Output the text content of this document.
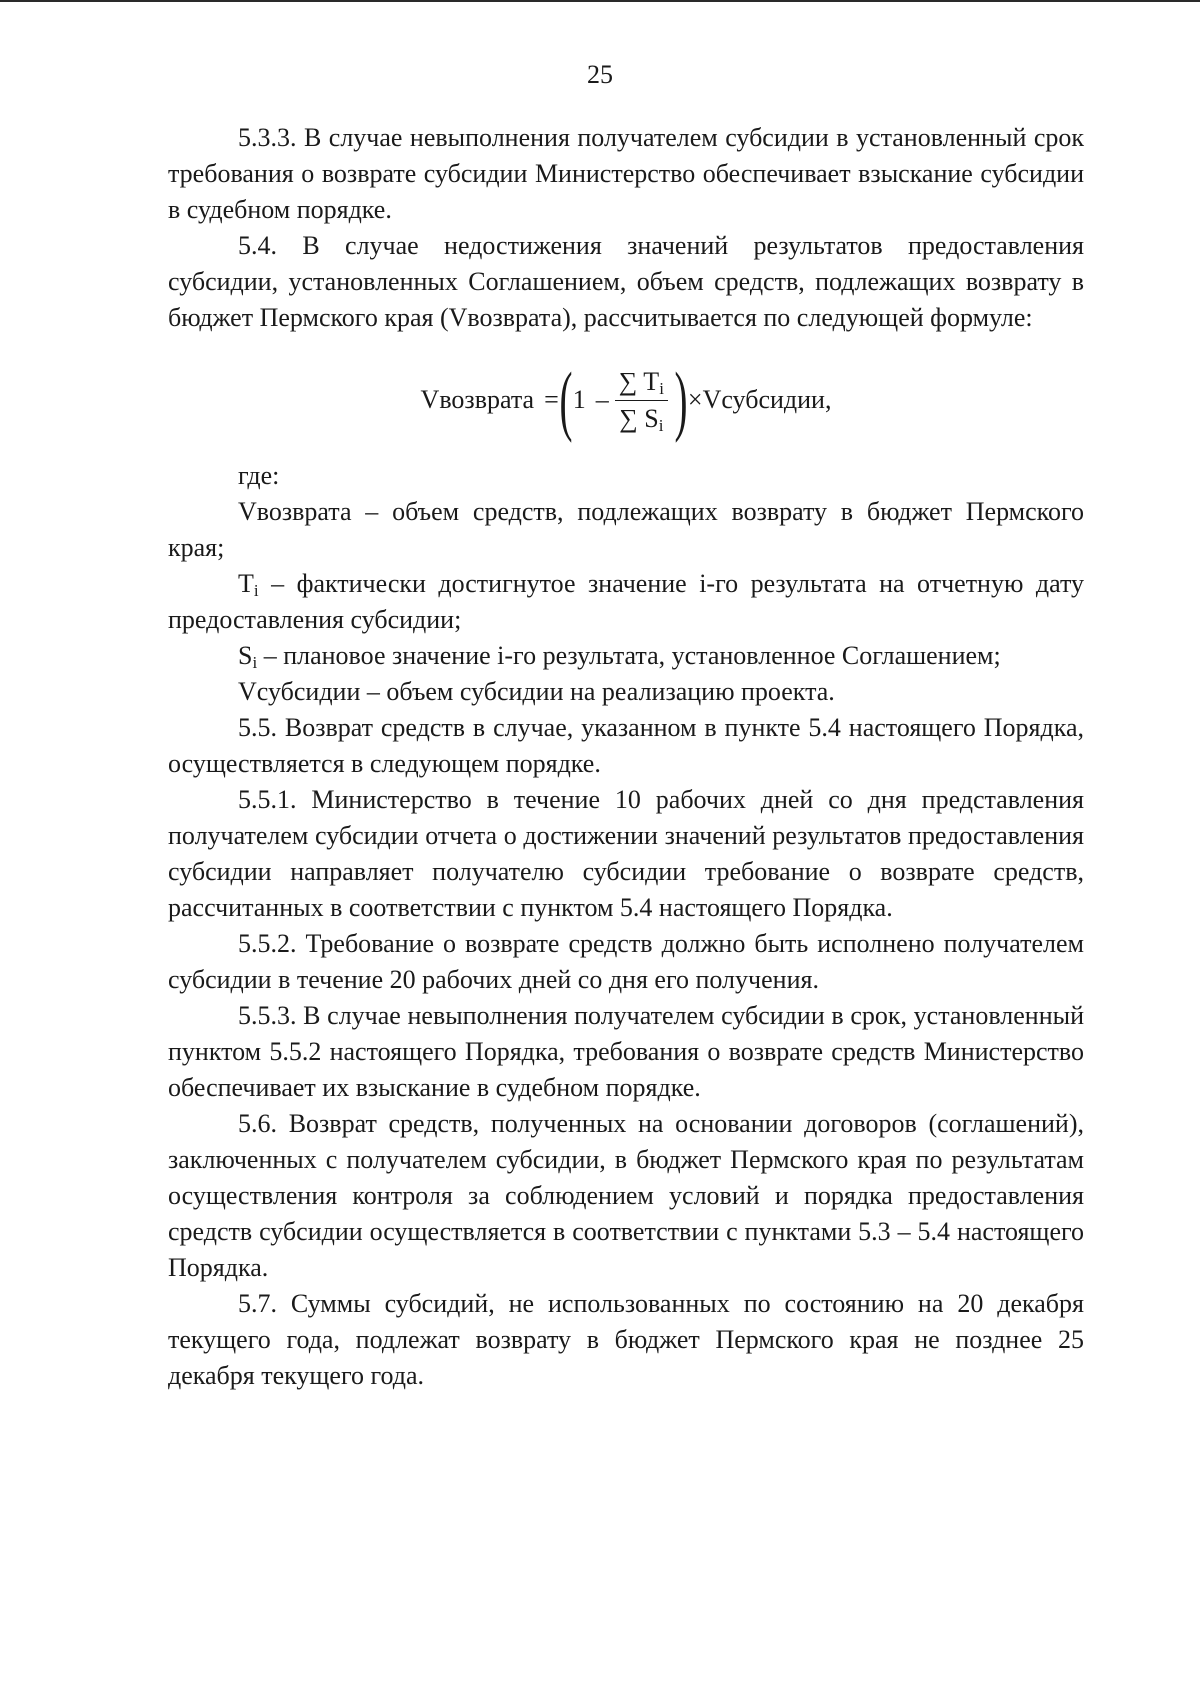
25

5.3.3. В случае невыполнения получателем субсидии в установленный срок требования о возврате субсидии Министерство обеспечивает взыскание субсидии в судебном порядке.

5.4. В случае недостижения значений результатов предоставления субсидии, установленных Соглашением, объем средств, подлежащих возврату в бюджет Пермского края (Vвозврата), рассчитывается по следующей формуле:

Vвозврата = ( $1 - \frac{\sum T_i}{\sum S_i}$ ) × Vсубсидии,

где:

Vвозврата – объем средств, подлежащих возврату в бюджет Пермского края;

$T_i$ – фактически достигнутое значение i-го результата на отчетную дату предоставления субсидии;

$S_i$ – плановое значение i-го результата, установленное Соглашением;

Vсубсидии – объем субсидии на реализацию проекта.

5.5. Возврат средств в случае, указанном в пункте 5.4 настоящего Порядка, осуществляется в следующем порядке.

5.5.1. Министерство в течение 10 рабочих дней со дня представления получателем субсидии отчета о достижении значений результатов предоставления субсидии направляет получателю субсидии требование о возврате средств, рассчитанных в соответствии с пунктом 5.4 настоящего Порядка.

5.5.2. Требование о возврате средств должно быть исполнено получателем субсидии в течение 20 рабочих дней со дня его получения.

5.5.3. В случае невыполнения получателем субсидии в срок, установленный пунктом 5.5.2 настоящего Порядка, требования о возврате средств Министерство обеспечивает их взыскание в судебном порядке.

5.6. Возврат средств, полученных на основании договоров (соглашений), заключенных с получателем субсидии, в бюджет Пермского края по результатам осуществления контроля за соблюдением условий и порядка предоставления средств субсидии осуществляется в соответствии с пунктами 5.3 – 5.4 настоящего Порядка.

5.7. Суммы субсидий, не использованных по состоянию на 20 декабря текущего года, подлежат возврату в бюджет Пермского края не позднее 25 декабря текущего года.
